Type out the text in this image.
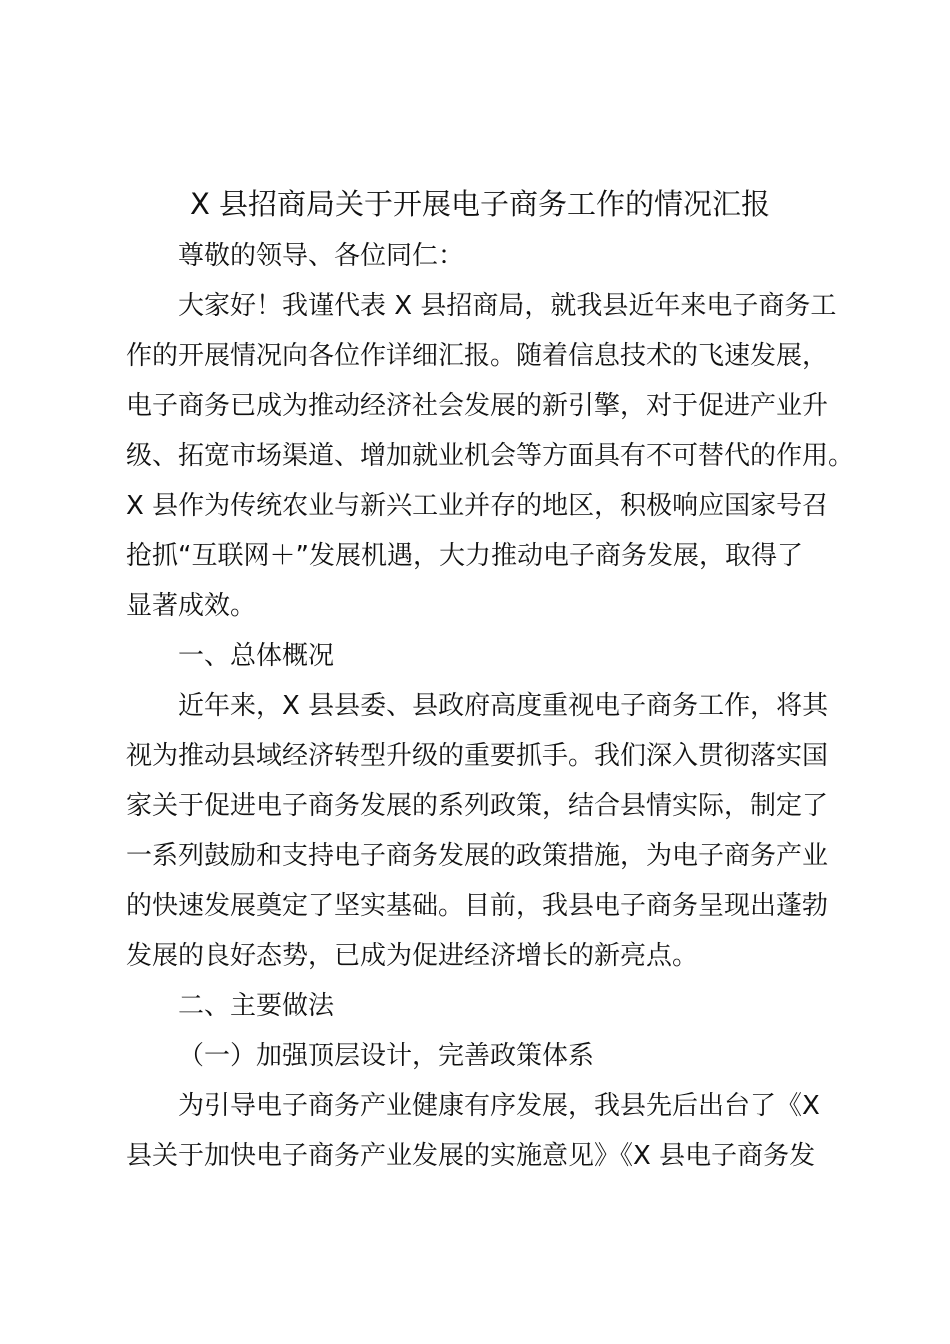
X 县招商局关于开展电子商务工作的情况汇报
尊敬的领导、各位同仁：
大家好！我谨代表 X 县招商局，就我县近年来电子商务工
作的开展情况向各位作详细汇报。随着信息技术的飞速发展，
电子商务已成为推动经济社会发展的新引擎，对于促进产业升
级、拓宽市场渠道、增加就业机会等方面具有不可替代的作用。
X 县作为传统农业与新兴工业并存的地区，积极响应国家号召
抢抓“互联网＋”发展机遇，大力推动电子商务发展，取得了
显著成效。
一、总体概况
近年来，X 县县委、县政府高度重视电子商务工作，将其
视为推动县域经济转型升级的重要抓手。我们深入贯彻落实国
家关于促进电子商务发展的系列政策，结合县情实际，制定了
一系列鼓励和支持电子商务发展的政策措施，为电子商务产业
的快速发展奠定了坚实基础。目前，我县电子商务呈现出蓬勃
发展的良好态势，已成为促进经济增长的新亮点。
二、主要做法
（一）加强顶层设计，完善政策体系
为引导电子商务产业健康有序发展，我县先后出台了《X
县关于加快电子商务产业发展的实施意见》《X 县电子商务发
